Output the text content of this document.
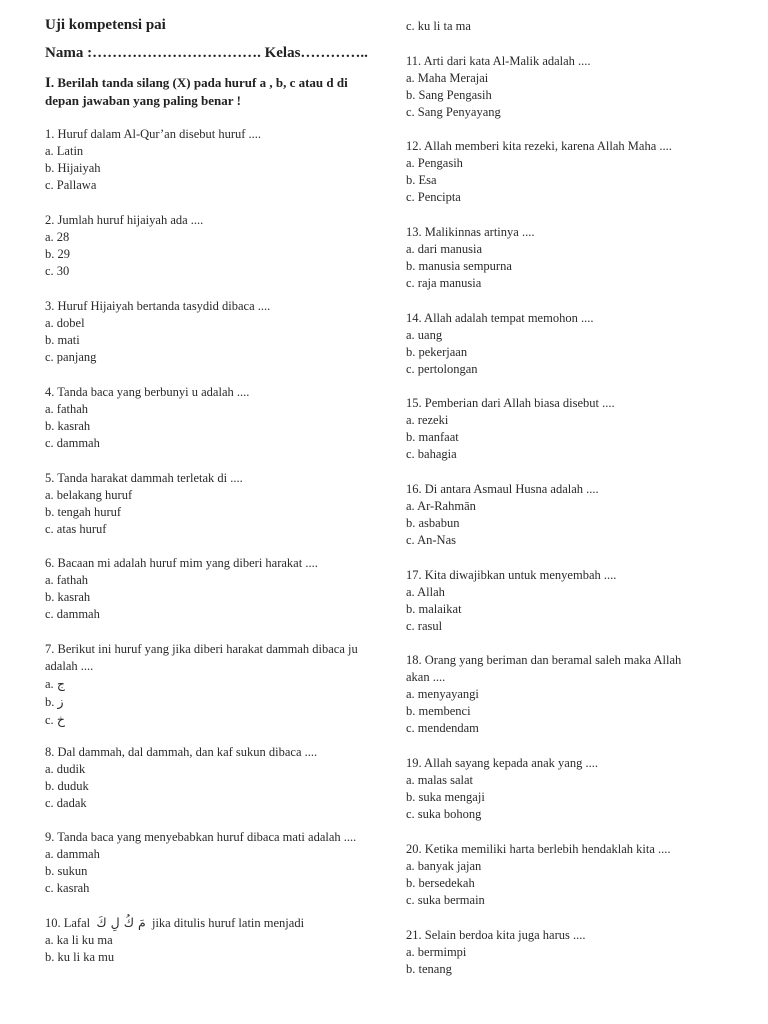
Uji kompetensi pai
Nama :……………………………. Kelas…………..
I. Berilah tanda silang (X) pada huruf a , b, c atau d di depan jawaban yang paling benar !
1. Huruf dalam Al-Qur’an disebut huruf ....
a. Latin
b. Hijaiyah
c. Pallawa
2. Jumlah huruf hijaiyah ada ....
a. 28
b. 29
c. 30
3. Huruf Hijaiyah bertanda tasydid dibaca ....
a. dobel
b. mati
c. panjang
4. Tanda baca yang berbunyi u adalah ....
a. fathah
b. kasrah
c. dammah
5. Tanda harakat dammah terletak di ....
a. belakang huruf
b. tengah huruf
c. atas huruf
6. Bacaan mi adalah huruf mim yang diberi harakat ....
a. fathah
b. kasrah
c. dammah
7. Berikut ini huruf yang jika diberi harakat dammah dibaca ju adalah ....
a. ج
b. ز
c. خ
8. Dal dammah, dal dammah, dan kaf sukun dibaca ....
a. dudik
b. duduk
c. dadak
9. Tanda baca yang menyebabkan huruf dibaca mati adalah ....
a. dammah
b. sukun
c. kasrah
10. Lafal مَ كُ لِ كَ jika ditulis huruf latin menjadi
a. ka li ku ma
b. ku li ka mu
c. ku li ta ma
11. Arti dari kata Al-Malik adalah ....
a. Maha Merajai
b. Sang Pengasih
c. Sang Penyayang
12. Allah memberi kita rezeki, karena Allah Maha ....
a. Pengasih
b. Esa
c. Pencipta
13. Malikinnas artinya ....
a. dari manusia
b. manusia sempurna
c. raja manusia
14. Allah adalah tempat memohon ....
a. uang
b. pekerjaan
c. pertolongan
15. Pemberian dari Allah biasa disebut ....
a. rezeki
b. manfaat
c. bahagia
16. Di antara Asmaul Husna adalah ....
a. Ar-Rahmān
b. asbabun
c. An-Nas
17. Kita diwajibkan untuk menyembah ....
a. Allah
b. malaikat
c. rasul
18. Orang yang beriman dan beramal saleh maka Allah akan ....
a. menyayangi
b. membenci
c. mendendam
19. Allah sayang kepada anak yang ....
a. malas salat
b. suka mengaji
c. suka bohong
20. Ketika memiliki harta berlebih hendaklah kita ....
a. banyak jajan
b. bersedekah
c. suka bermain
21. Selain berdoa kita juga harus ....
a. bermimpi
b. tenang
